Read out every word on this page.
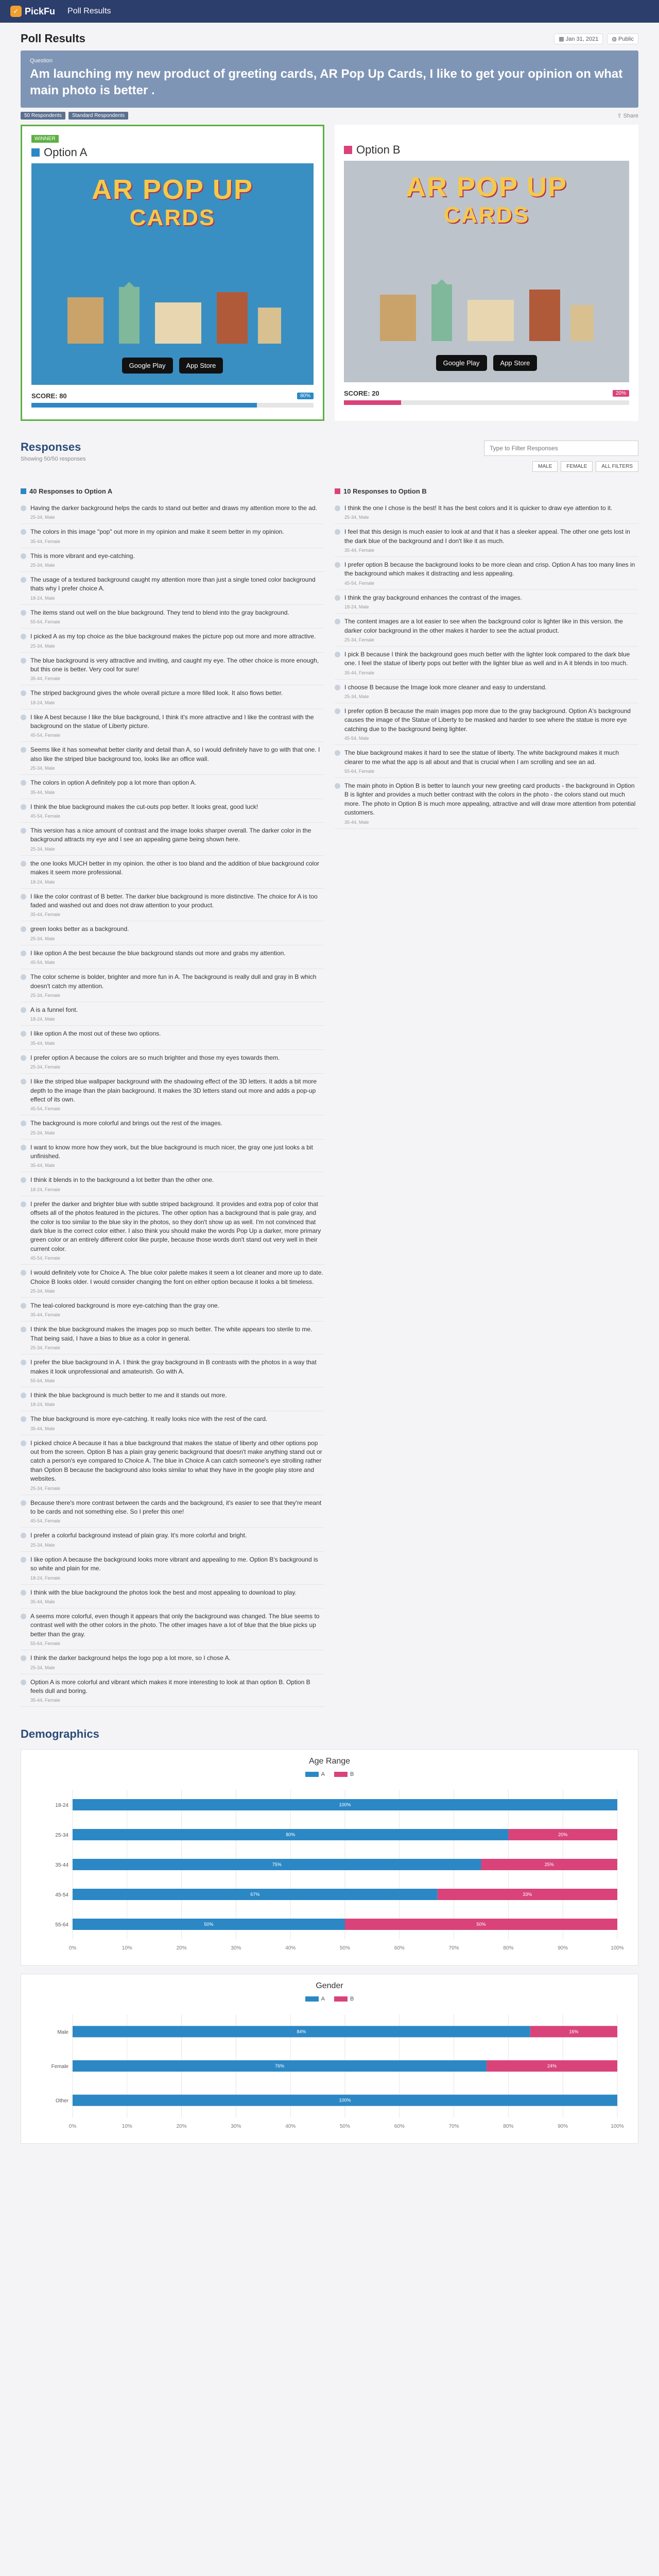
✓ PickFu Poll Results
Poll Results	▦ Jan 31, 2021	◍ Public
Question
Am launching my new product of greeting cards, AR Pop Up Cards, I like to get your opinion on what main photo is better .
50 Respondents	Standard Respondents	⇪ Share
WINNER
Option A
AR POP UP
CARDS
Google Play	App Store
SCORE: 80	80%
Option B
AR POP UP
CARDS
Google Play	App Store
SCORE: 20	20%
Responses
Showing 50/50 responses
Type to Filter Responses
MALE	FEMALE	ALL FILTERS
40 Responses to Option A
Having the darker background helps the cards to stand out better and draws my attention more to the ad.
25-34, Male
The colors in this image "pop" out more in my opinion and make it seem better in my opinion.
35-44, Female
This is more vibrant and eye-catching.
25-34, Male
The usage of a textured background caught my attention more than just a single toned color background thats why I prefer choice A.
18-24, Male
The items stand out well on the blue background. They tend to blend into the gray background.
55-64, Female
I picked A as my top choice as the blue background makes the picture pop out more and more attractive.
25-34, Male
The blue background is very attractive and inviting, and caught my eye. The other choice is more enough, but this one is better. Very cool for sure!
35-44, Female
The striped background gives the whole overall picture a more filled look. It also flows better.
18-24, Male
I like A best because I like the blue background, I think it's more attractive and I like the contrast with the background on the statue of Liberty picture.
45-54, Female
Seems like it has somewhat better clarity and detail than A, so I would definitely have to go with that one. I also like the striped blue background too, looks like an office wall.
25-34, Male
The colors in option A definitely pop a lot more than option A.
35-44, Male
I think the blue background makes the cut-outs pop better. It looks great, good luck!
45-54, Female
This version has a nice amount of contrast and the image looks sharper overall. The darker color in the background attracts my eye and I see an appealing game being shown here.
25-34, Male
the one looks MUCH better in my opinion. the other is too bland and the addition of blue background color makes it seem more professional.
18-24, Male
I like the color contrast of B better. The darker blue background is more distinctive. The choice for A is too faded and washed out and does not draw attention to your product.
35-44, Female
green looks better as a background.
25-34, Male
I like option A the best because the blue background stands out more and grabs my attention.
45-54, Male
The color scheme is bolder, brighter and more fun in A. The background is really dull and gray in B which doesn't catch my attention.
25-34, Female
A is a funnel font.
18-24, Male
I like option A the most out of these two options.
35-44, Male
I prefer option A because the colors are so much brighter and those my eyes towards them.
25-34, Female
I like the striped blue wallpaper background with the shadowing effect of the 3D letters. It adds a bit more depth to the image than the plain background. It makes the 3D letters stand out more and adds a pop-up effect of its own.
45-54, Female
The background is more colorful and brings out the rest of the images.
25-34, Male
I want to know more how they work, but the blue background is much nicer, the gray one just looks a bit unfinished.
35-44, Male
I think it blends in to the background a lot better than the other one.
18-24, Female
I prefer the darker and brighter blue with subtle striped background. It provides and extra pop of color that offsets all of the photos featured in the pictures. The other option has a background that is pale gray, and the color is too similar to the blue sky in the photos, so they don't show up as well. I'm not convinced that dark blue is the correct color either. I also think you should make the words Pop Up a darker, more primary green color or an entirely different color like purple, because those words don't stand out very well in their current color.
45-54, Female
I would definitely vote for Choice A. The blue color palette makes it seem a lot cleaner and more up to date. Choice B looks older. I would consider changing the font on either option because it looks a bit timeless.
25-34, Male
The teal-colored background is more eye-catching than the gray one.
35-44, Female
I think the blue background makes the images pop so much better. The white appears too sterile to me. That being said, I have a bias to blue as a color in general.
25-34, Female
I prefer the blue background in A. I think the gray background in B contrasts with the photos in a way that makes it look unprofessional and amateurish. Go with A.
55-64, Male
I think the blue background is much better to me and it stands out more.
18-24, Male
The blue background is more eye-catching. It really looks nice with the rest of the card.
35-44, Male
I picked choice A because it has a blue background that makes the statue of liberty and other options pop out from the screen. Option B has a plain gray generic background that doesn't make anything stand out or catch a person's eye compared to Choice A. The blue in Choice A can catch someone's eye strolling rather than Option B because the background also looks similar to what they have in the google play store and websites.
25-34, Female
Because there's more contrast between the cards and the background, it's easier to see that they're meant to be cards and not something else. So I prefer this one!
45-54, Female
I prefer a colorful background instead of plain gray. It's more colorful and bright.
25-34, Male
I like option A because the background looks more vibrant and appealing to me. Option B's background is so white and plain for me.
18-24, Female
I think with the blue background the photos look the best and most appealing to download to play.
35-44, Male
A seems more colorful, even though it appears that only the background was changed. The blue seems to contrast well with the other colors in the photo. The other images have a lot of blue that the blue picks up better than the gray.
55-64, Female
I think the darker background helps the logo pop a lot more, so I chose A.
25-34, Male
Option A is more colorful and vibrant which makes it more interesting to look at than option B. Option B feels dull and boring.
35-44, Female
10 Responses to Option B
I think the one I chose is the best! It has the best colors and it is quicker to draw eye attention to it.
25-34, Male
I feel that this design is much easier to look at and that it has a sleeker appeal. The other one gets lost in the dark blue of the background and I don't like it as much.
35-44, Female
I prefer option B because the background looks to be more clean and crisp. Option A has too many lines in the background which makes it distracting and less appealing.
45-54, Female
I think the gray background enhances the contrast of the images.
18-24, Male
The content images are a lot easier to see when the background color is lighter like in this version. the darker color background in the other makes it harder to see the actual product.
25-34, Female
I pick B because I think the background goes much better with the lighter look compared to the dark blue one. I feel the statue of liberty pops out better with the lighter blue as well and in A it blends in too much.
35-44, Female
I choose B because the Image look more cleaner and easy to understand.
25-34, Male
I prefer option B because the main images pop more due to the gray background. Option A's background causes the image of the Statue of Liberty to be masked and harder to see where the statue is more eye catching due to the background being lighter.
45-54, Male
The blue background makes it hard to see the statue of liberty. The white background makes it much clearer to me what the app is all about and that is crucial when I am scrolling and see an ad.
55-64, Female
The main photo in Option B is better to launch your new greeting card products - the background in Option B is lighter and provides a much better contrast with the colors in the photo - the colors stand out much more. The photo in Option B is much more appealing, attractive and will draw more attention from potential customers.
35-44, Male
Demographics
Age Range
A	B
0%	10%	20%	30%	40%	50%	60%	70%	80%	90%	100%
18-24	100%
25-34	80%	20%
35-44	75%	25%
45-54	67%	33%
55-64	50%	50%
Gender
A	B
0%	10%	20%	30%	40%	50%	60%	70%	80%	90%	100%
Male	84%	16%
Female	76%	24%
Other	100%
